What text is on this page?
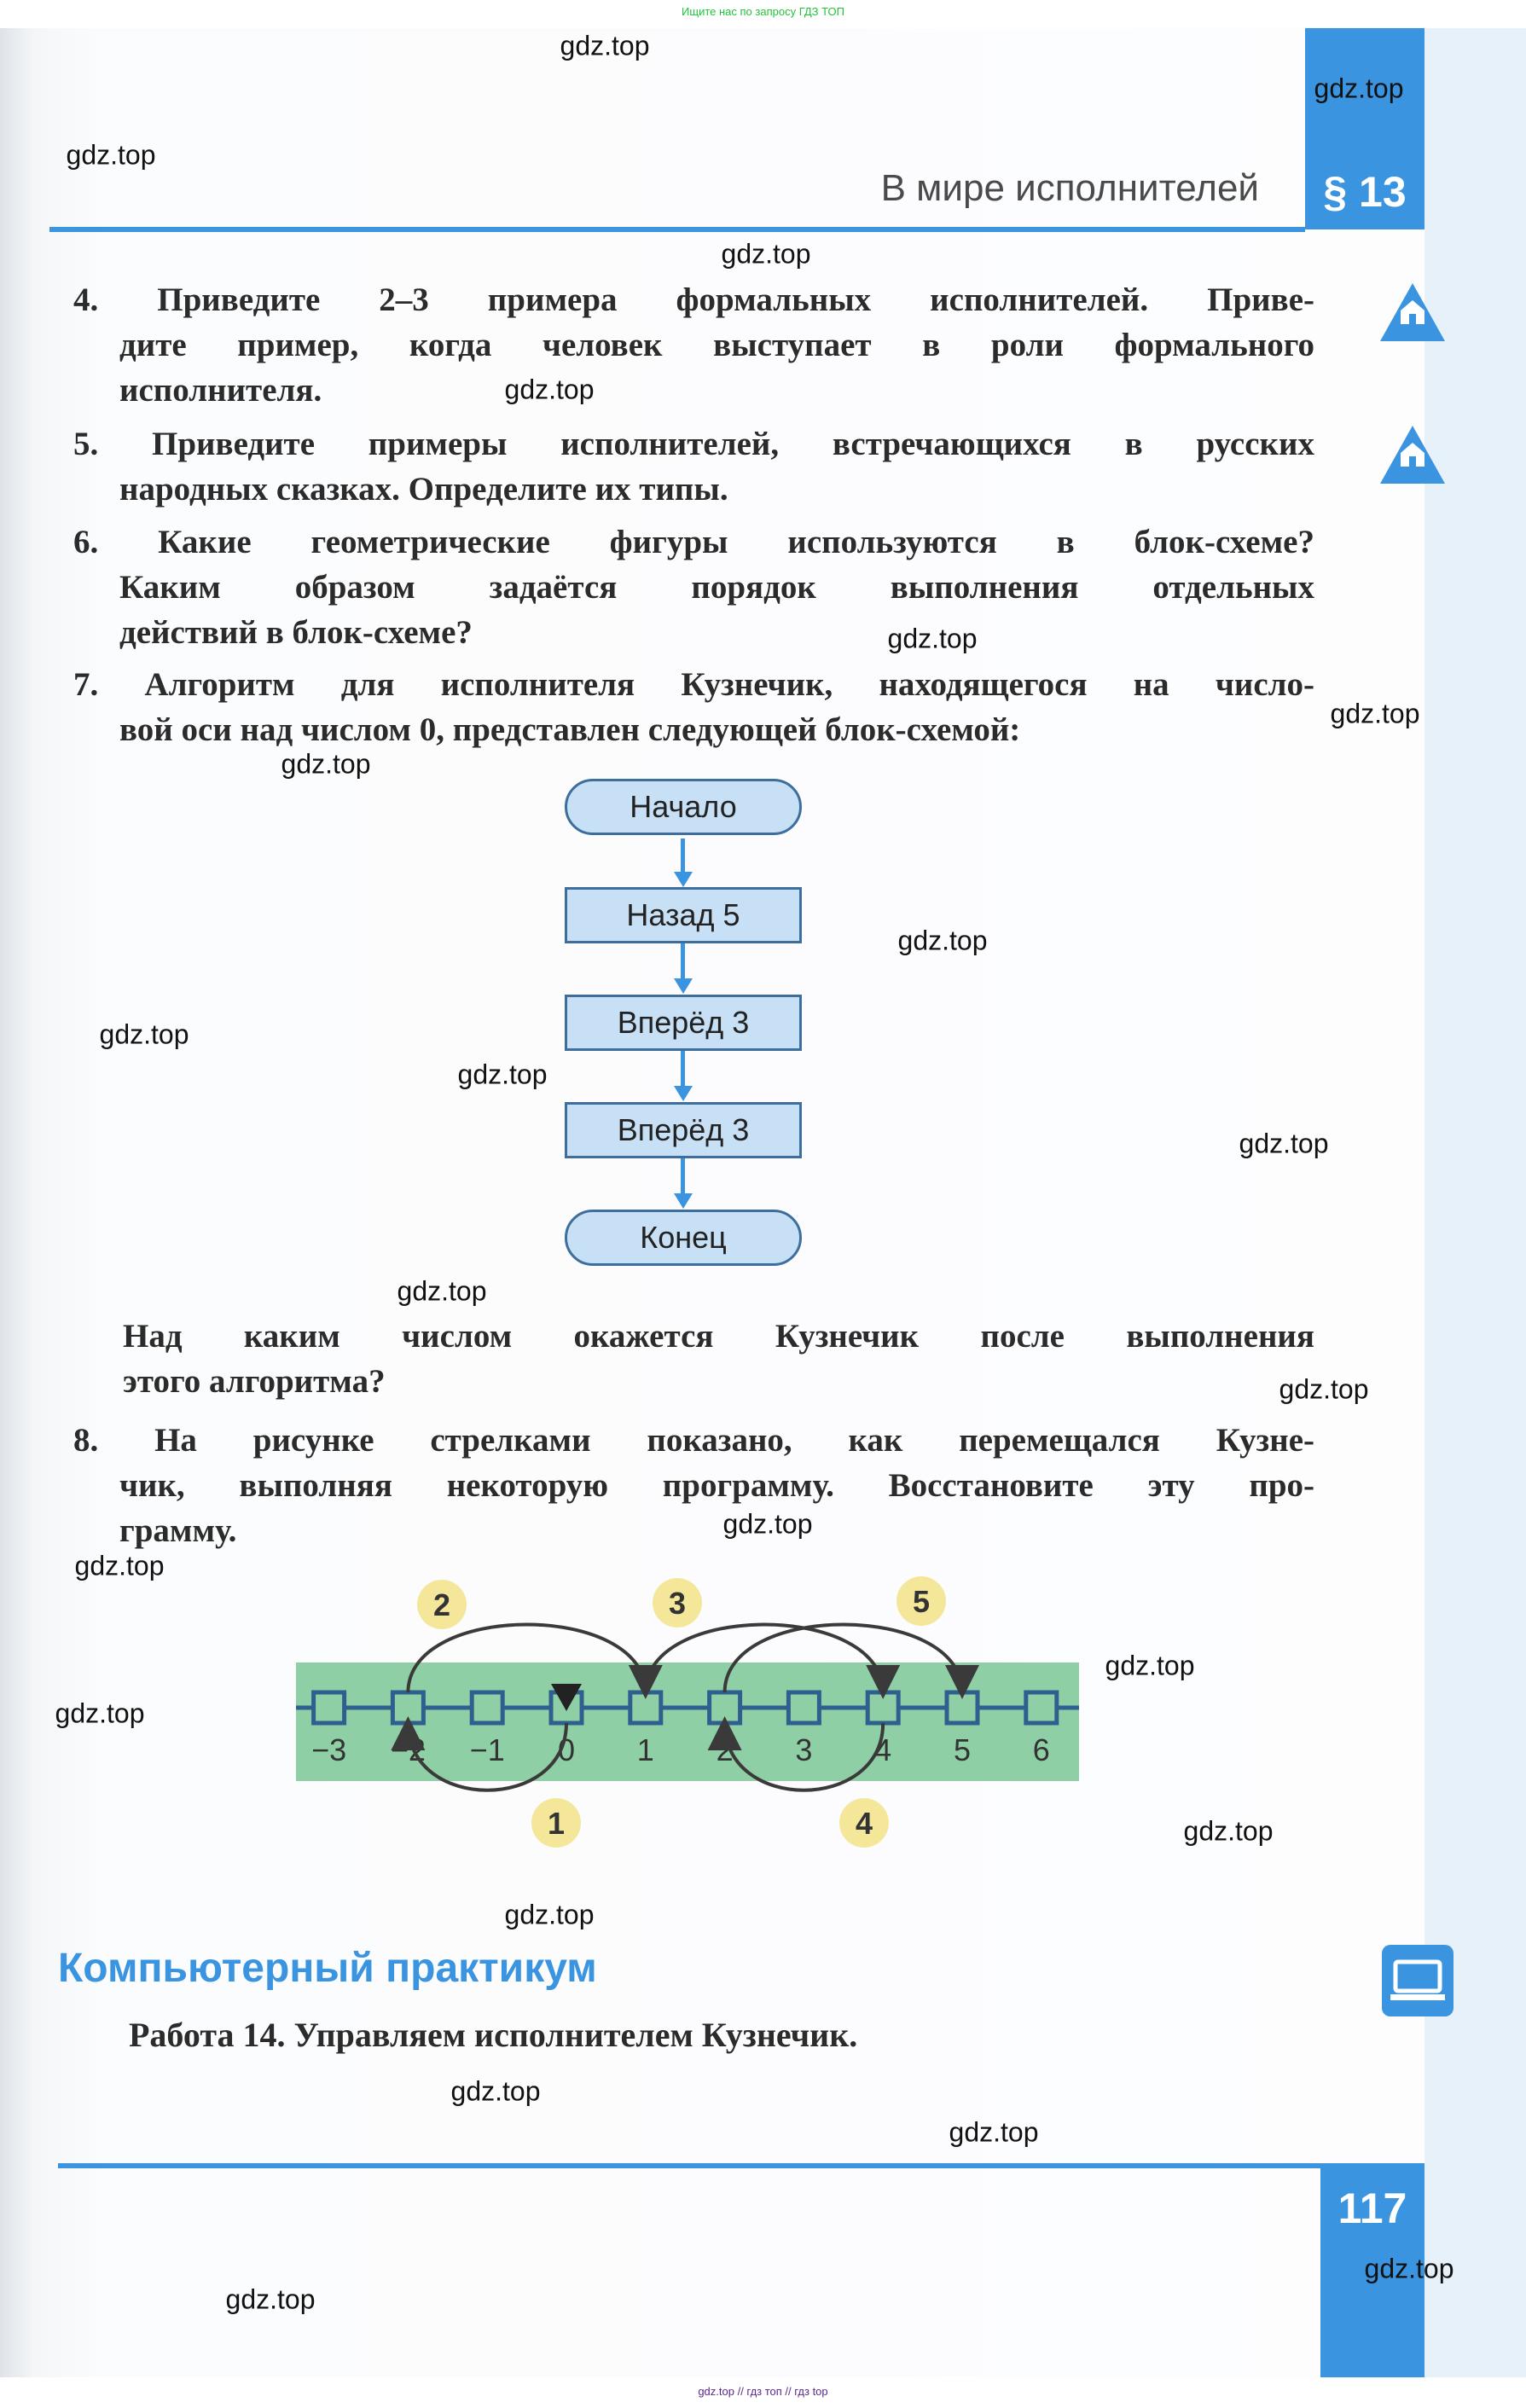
Ищите нас по запросу ГДЗ ТОП
§ 13
В мире исполнителей
4. Приведите 2–3 примера формальных исполнителей. Приве-
дите пример, когда человек выступает в роли формального
исполнителя.
5. Приведите примеры исполнителей, встречающихся в русских
народных сказках. Определите их типы.
6. Какие геометрические фигуры используются в блок-схеме?
Каким образом задаётся порядок выполнения отдельных
действий в блок-схеме?
7. Алгоритм для исполнителя Кузнечик, находящегося на числo-
вой оси над числом 0, представлен следующей блок-схемой:
Начало
Назад 5
Вперёд 3
Вперёд 3
Конец
Над каким числом окажется Кузнечик после выполнения
этого алгоритма?
8. На рисунке стрелками показано, как перемещался Кузне-
чик, выполняя некоторую программу. Восстановите эту про-
грамму.
−3 −2 −1 0 1 2 3 4 5 6
1
2	3
4
5
Компьютерный практикум
Работа 14. Управляем исполнителем Кузнечик.
117
gdz.top // гдз топ // гдз top
gdz.top
gdz.top
gdz.top
gdz.top
gdz.top
gdz.top
gdz.top
gdz.top
gdz.top
gdz.top
gdz.top
gdz.top
gdz.top
gdz.top
gdz.top
gdz.top
gdz.top
gdz.top
gdz.top
gdz.top
gdz.top
gdz.top
gdz.top
gdz.top
